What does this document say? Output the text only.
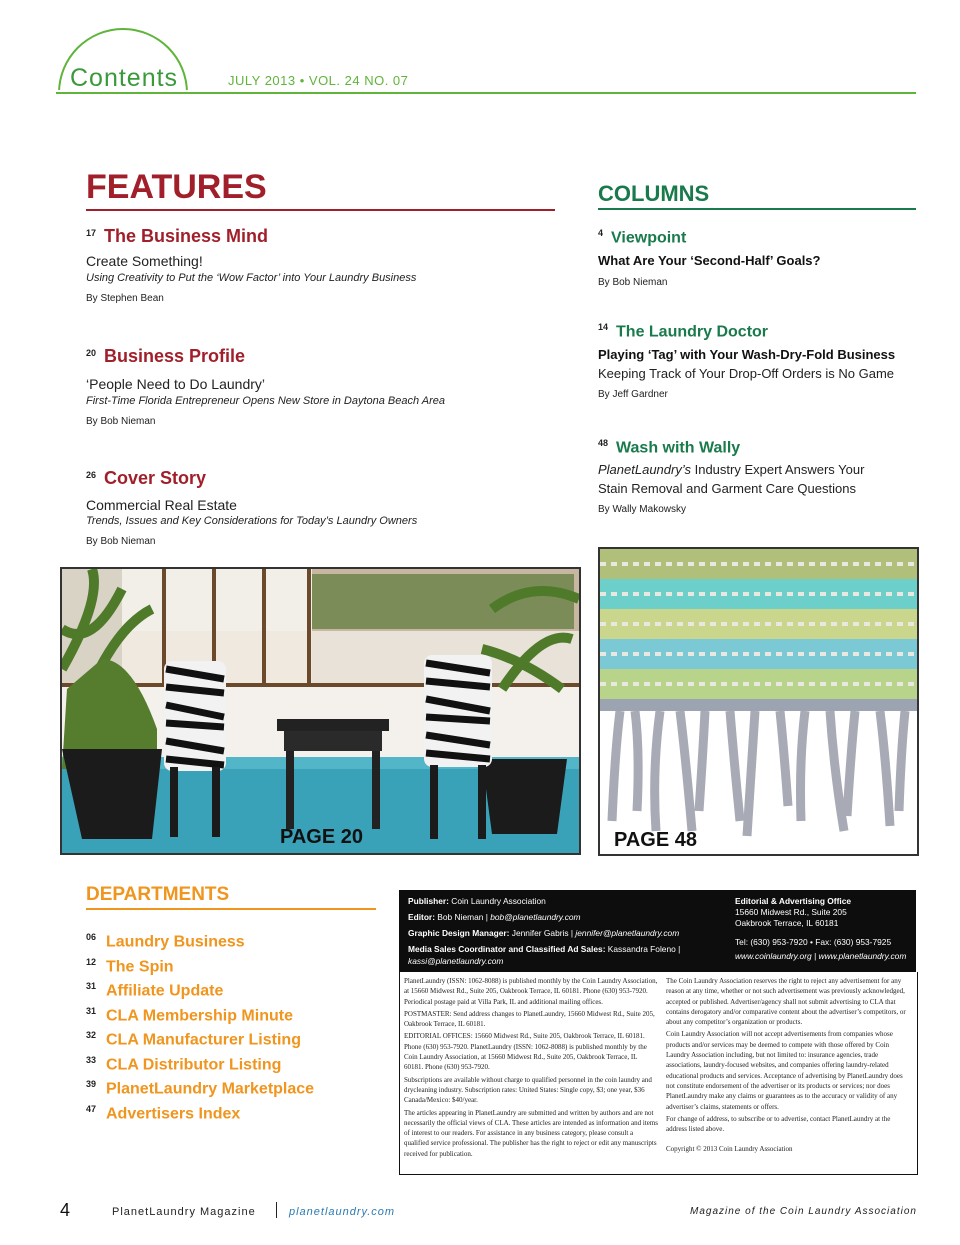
Contents	JULY 2013 • VOL. 24 NO. 07
FEATURES
$^{17}$ The Business Mind
Create Something!
Using Creativity to Put the ‘Wow Factor’ into Your Laundry Business
By Stephen Bean
$^{20}$ Business Profile
‘People Need to Do Laundry’
First-Time Florida Entrepreneur Opens New Store in Daytona Beach Area
By Bob Nieman
$^{26}$ Cover Story
Commercial Real Estate
Trends, Issues and Key Considerations for Today’s Laundry Owners
By Bob Nieman
COLUMNS
$^4$ Viewpoint
What Are Your ‘Second-Half’ Goals?
By Bob Nieman
$^{14}$ The Laundry Doctor
Playing ‘Tag’ with Your Wash-Dry-Fold Business
Keeping Track of Your Drop-Off Orders is No Game
By Jeff Gardner
$^{48}$ Wash with Wally
PlanetLaundry’s Industry Expert Answers Your
Stain Removal and Garment Care Questions
By Wally Makowsky
PAGE 20	PAGE 48
DEPARTMENTS
06 Laundry Business
12 The Spin
31 Affiliate Update
31 CLA Membership Minute
32 CLA Manufacturer Listing
33 CLA Distributor Listing
39 PlanetLaundry Marketplace
47 Advertisers Index
Publisher: Coin Laundry Association
Editor: Bob Nieman | bob@planetlaundry.com
Graphic Design Manager: Jennifer Gabris | jennifer@planetlaundry.com
Media Sales Coordinator and Classified Ad Sales: Kassandra Foleno |
kassi@planetlaundry.com
Editorial & Advertising Office
15660 Midwest Rd., Suite 205
Oakbrook Terrace, IL 60181
Tel: (630) 953-7920 • Fax: (630) 953-7925
www.coinlaundry.org | www.planetlaundry.com

PlanetLaundry (ISSN: 1062-8088) is published monthly by the Coin Laundry Association, at 15660 Midwest Rd., Suite 205, Oakbrook Terrace, IL 60181. Phone (630) 953-7920. Periodical postage paid at Villa Park, IL and additional mailing offices.

POSTMASTER: Send address changes to PlanetLaundry, 15660 Midwest Rd., Suite 205, Oakbrook Terrace, IL 60181.

EDITORIAL OFFICES: 15660 Midwest Rd., Suite 205, Oakbrook Terrace, IL 60181. Phone (630) 953-7920. PlanetLaundry (ISSN: 1062-8088) is published monthly by the Coin Laundry Association, at 15660 Midwest Rd., Suite 205, Oakbrook Terrace, IL 60181. Phone (630) 953-7920.

Subscriptions are available without charge to qualified personnel in the coin laundry and drycleaning industry. Subscription rates: United States: Single copy, $3; one year, $36 Canada/Mexico: $40/year.

The articles appearing in PlanetLaundry are submitted and written by authors and are not necessarily the official views of CLA. These articles are intended as information and items of interest to our readers. For assistance in any business category, please consult a qualified service professional. The publisher has the right to reject or edit any manuscripts received for publication.

The Coin Laundry Association reserves the right to reject any advertisement for any reason at any time, whether or not such advertisement was previously acknowledged, accepted or published. Advertiser/agency shall not submit advertising to CLA that contains derogatory and/or comparative content about the advertiser’s competitors, or about any competitor’s organization or products.

Coin Laundry Association will not accept advertisements from companies whose products and/or services may be deemed to compete with those offered by Coin Laundry Association including, but not limited to: insurance agencies, trade associations, laundry-focused websites, and companies offering laundry-related educational products and services. Acceptance of advertising by PlanetLaundry does not constitute endorsement of the advertiser or its products or services; nor does PlanetLaundry make any claims or guarantees as to the accuracy or validity of any advertiser’s claims, statements or offers.

For change of address, to subscribe or to advertise, contact PlanetLaundry at the address listed above.

Copyright © 2013 Coin Laundry Association

4	PlanetLaundry Magazine	planetlaundry.com	Magazine of the Coin Laundry Association
